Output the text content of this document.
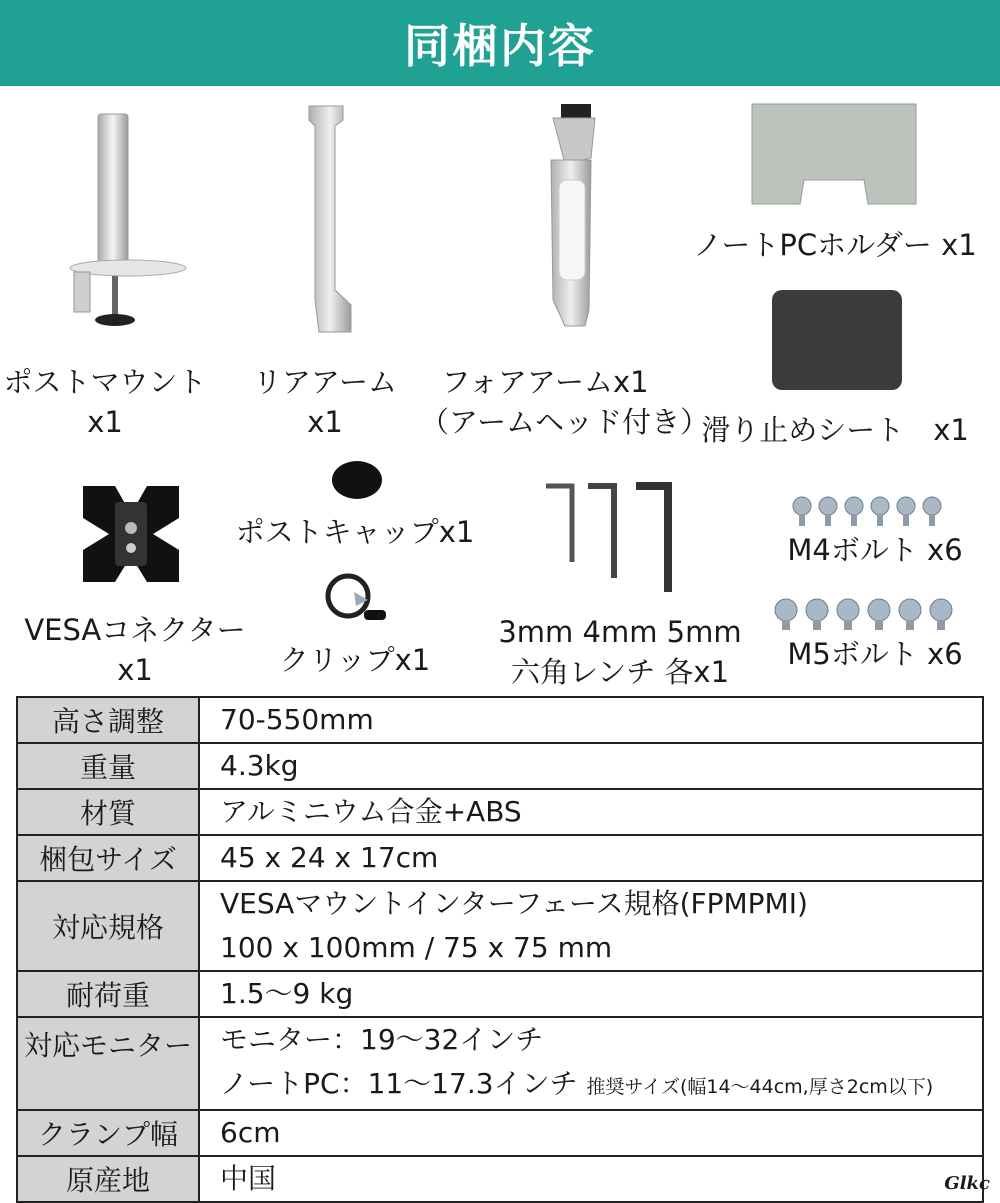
同梱内容
ポストマウント
x1
リアアーム
x1
フォアアームx1
（アームヘッド付き）
ノートPCホルダー x1
滑り止めシート　x1
VESAコネクター
x1
ポストキャップx1
クリップx1
3mm 4mm 5mm
六角レンチ 各x1
M4ボルト x6
M5ボルト x6
高さ調整	70-550mm

重量	4.3kg

材質	アルミニウム合金+ABS

梱包サイズ	45 x 24 x 17cm

対応規格	VESAマウントインターフェース規格(FPMPMI)
100 x 100mm / 75 x 75 mm

耐荷重	1.5～9 kg

対応モニター	モニター：19～32インチ
ノートPC：11～17.3インチ 推奨サイズ(幅14～44cm,厚さ2cm以下)

クランプ幅	6cm

原産地	中国	Glkc
